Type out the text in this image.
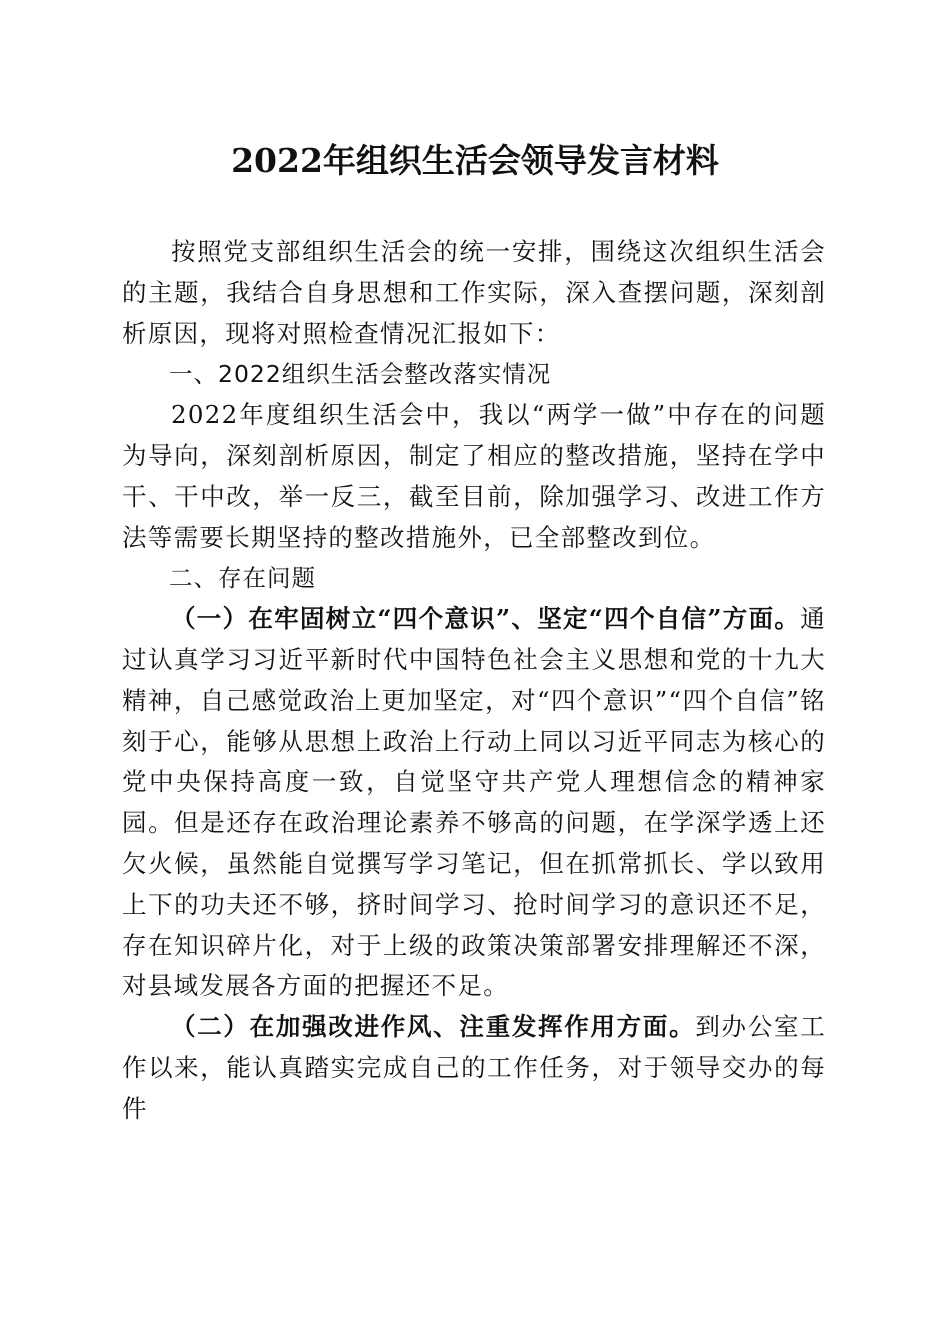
2022年组织生活会领导发言材料

按照党支部组织生活会的统一安排，围绕这次组织生活会的主题，我结合自身思想和工作实际，深入查摆问题，深刻剖析原因，现将对照检查情况汇报如下：

一、2022组织生活会整改落实情况

2022年度组织生活会中，我以“两学一做”中存在的问题为导向，深刻剖析原因，制定了相应的整改措施，坚持在学中干、干中改，举一反三，截至目前，除加强学习、改进工作方法等需要长期坚持的整改措施外，已全部整改到位。

二、存在问题

（一）在牢固树立“四个意识”、坚定“四个自信”方面。通过认真学习习近平新时代中国特色社会主义思想和党的十九大精神，自己感觉政治上更加坚定，对“四个意识”“四个自信”铭刻于心，能够从思想上政治上行动上同以习近平同志为核心的党中央保持高度一致，自觉坚守共产党人理想信念的精神家园。但是还存在政治理论素养不够高的问题，在学深学透上还欠火候，虽然能自觉撰写学习笔记，但在抓常抓长、学以致用上下的功夫还不够，挤时间学习、抢时间学习的意识还不足，存在知识碎片化，对于上级的政策决策部署安排理解还不深，对县域发展各方面的把握还不足。

（二）在加强改进作风、注重发挥作用方面。到办公室工作以来，能认真踏实完成自己的工作任务，对于领导交办的每件
